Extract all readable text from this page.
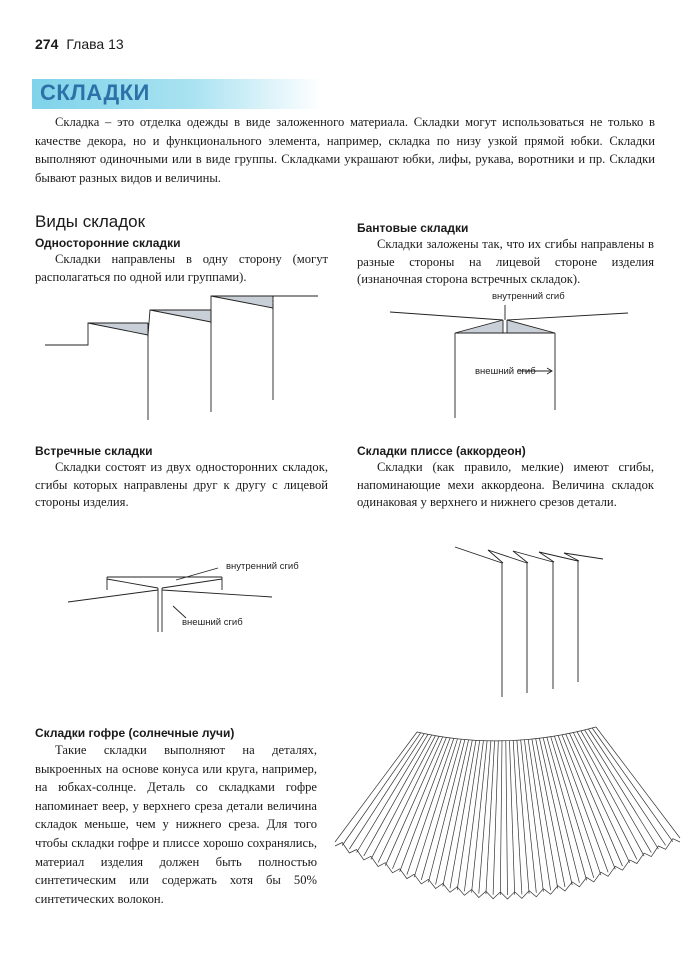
274 Глава 13
СКЛАДКИ

Складка – это отделка одежды в виде заложенного материала. Складки могут использоваться не только в качестве декора, но и функционального элемента, например, складка по низу узкой прямой юбки. Складки выполняют одиночными или в виде группы. Складками украшают юбки, лифы, рукава, воротники и пр. Складки бывают разных видов и величины.

Виды складок
Односторонние складки

Складки направлены в одну сторону (могут располагаться по одной или группами).

Бантовые складки

Складки заложены так, что их сгибы направлены в разные стороны на лицевой стороне изделия (изнаночная сторона встречных складок).

Встречные складки

Складки состоят из двух односторонних складок, сгибы которых направлены друг к другу с лицевой стороны изделия.

Складки плиссе (аккордеон)

Складки (как правило, мелкие) имеют сгибы, напоминающие мехи аккордеона. Величина складок одинаковая у верхнего и нижнего срезов детали.

Складки гофре (солнечные лучи)

Такие складки выполняют на деталях, выкроенных на основе конуса или круга, например, на юбках-солнце. Деталь со складками гофре напоминает веер, у верхнего среза детали величина складок меньше, чем у нижнего среза. Для того чтобы складки гофре и плиссе хорошо сохранялись, материал изделия должен быть полностью синтетическим или содержать хотя бы 50% синтетических волокон.

внутренний сгиб
внешний сгиб
внутренний сгиб
внешний сгиб
